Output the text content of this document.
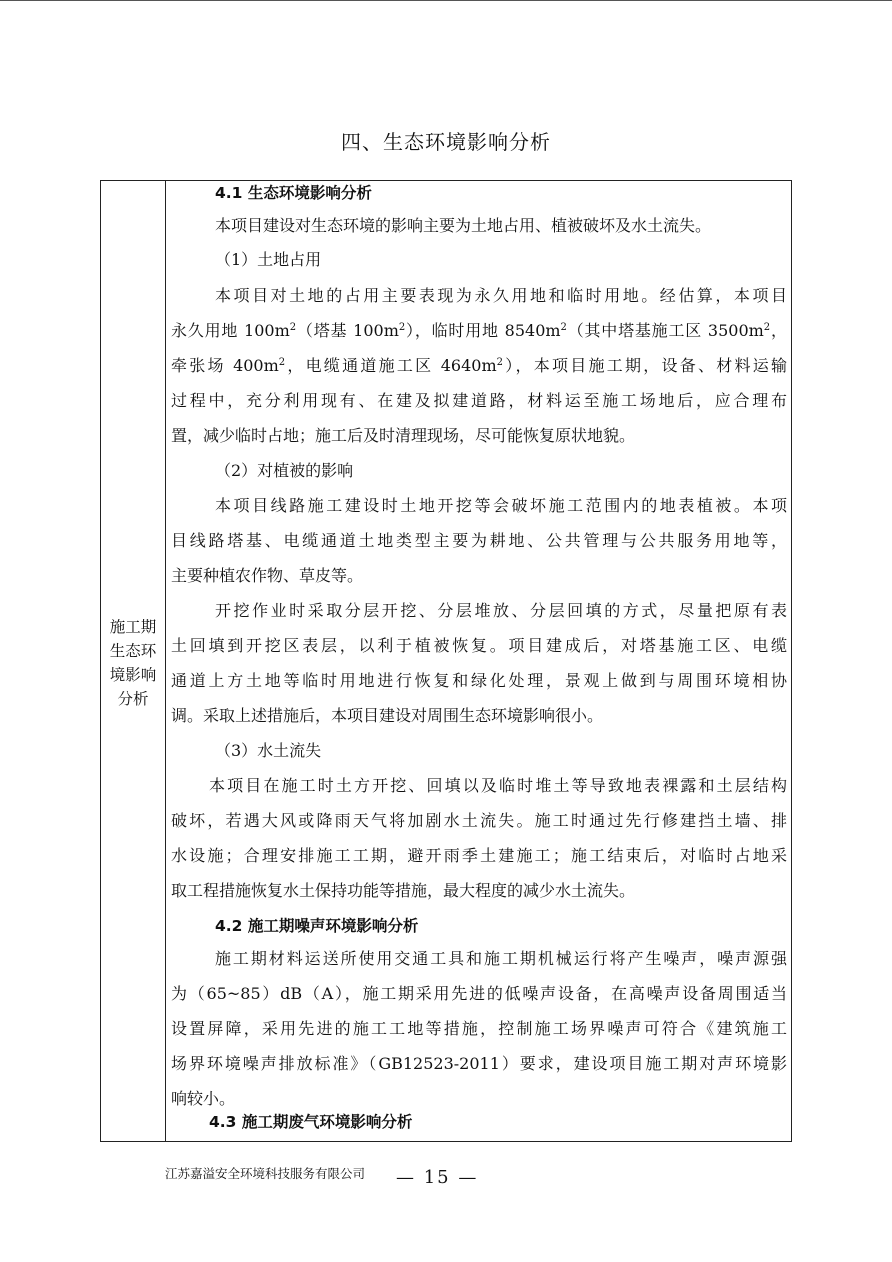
四、生态环境影响分析
施工期
生态环
境影响
分析
4.1 生态环境影响分析
本项目建设对生态环境的影响主要为土地占用、植被破坏及水土流失。
（1）土地占用
本项目对土地的占用主要表现为永久用地和临时用地。经估算，本项目
永久用地 $100m^2$（塔基 $100m^2$），临时用地 $8540m^2$（其中塔基施工区 $3500m^2$，
牵张场 $400m^2$，电缆通道施工区 $4640m^2$），本项目施工期，设备、材料运输
过程中，充分利用现有、在建及拟建道路，材料运至施工场地后，应合理布
置，减少临时占地；施工后及时清理现场，尽可能恢复原状地貌。
（2）对植被的影响
本项目线路施工建设时土地开挖等会破坏施工范围内的地表植被。本项
目线路塔基、电缆通道土地类型主要为耕地、公共管理与公共服务用地等，
主要种植农作物、草皮等。
开挖作业时采取分层开挖、分层堆放、分层回填的方式，尽量把原有表
土回填到开挖区表层，以利于植被恢复。项目建成后，对塔基施工区、电缆
通道上方土地等临时用地进行恢复和绿化处理，景观上做到与周围环境相协
调。采取上述措施后，本项目建设对周围生态环境影响很小。
（3）水土流失
本项目在施工时土方开挖、回填以及临时堆土等导致地表裸露和土层结构
破坏，若遇大风或降雨天气将加剧水土流失。施工时通过先行修建挡土墙、排
水设施；合理安排施工工期，避开雨季土建施工；施工结束后，对临时占地采
取工程措施恢复水土保持功能等措施，最大程度的减少水土流失。
4.2 施工期噪声环境影响分析
施工期材料运送所使用交通工具和施工期机械运行将产生噪声，噪声源强
为（65~85）dB（A），施工期采用先进的低噪声设备，在高噪声设备周围适当
设置屏障，采用先进的施工工地等措施，控制施工场界噪声可符合《建筑施工
场界环境噪声排放标准》（GB12523-2011）要求，建设项目施工期对声环境影
响较小。
4.3 施工期废气环境影响分析
江苏嘉溢安全环境科技服务有限公司 — 15 —
